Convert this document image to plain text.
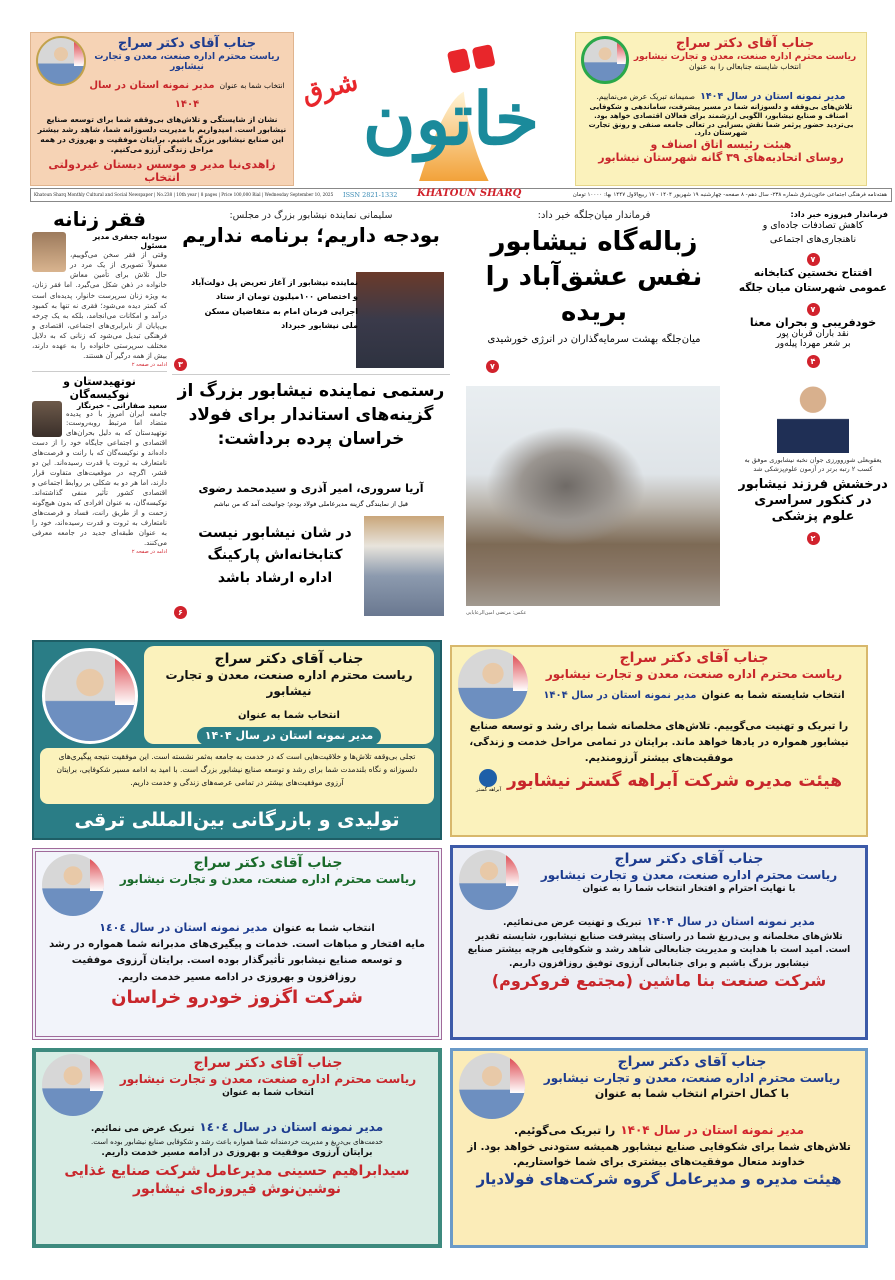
جناب آقای دکتر سراج
ریاست محترم اداره صنعت، معدن و تجارت نیشابور
انتخاب شما به عنوان مدیر نمونه استان در سال ۱۴۰۴
نشان از شایستگی و تلاش‌های بی‌وقفه شما برای توسعه صنایع نیشابور است. امیدواریم با مدیریت دلسوزانه شما، شاهد رشد بیشتر این صنایع نیشابور بزرگ باشیم. برایتان موفقیت و بهروزی در همه مراحل زندگی آرزو می‌کنیم.
زاهدی‌نیا مدیر و موسس دبستان غیردولتی انتخاب
خاتون
شرق
جناب آقای دکتر سراج
ریاست محترم اداره صنعت، معدن و تجارت نیشابور
انتخاب شایسته جنابعالی را به عنوان
مدیر نمونه استان در سال ۱۴۰۴ صمیمانه تبریک عرض می‌نماییم.
تلاش‌های بی‌وقفه و دلسوزانه شما در مسیر پیشرفت، ساماندهی و شکوفایی اصناف و صنایع نیشابور، الگویی ارزشمند برای فعالان اقتصادی خواهد بود. بی‌تردید حضور پرثمر شما نقش بسزایی در تعالی جامعه صنفی و رونق تجارت شهرستان دارد.
هیئت رئیسه اتاق اصناف و
روسای اتحادیه‌های ۳۹ گانه شهرستان نیشابور
هفته‌نامه فرهنگی اجتماعی خاتون‌شرق شماره ۲۳۸- سال دهم- ۸ صفحه- چهارشنبه ۱۹ شهریور ۱۴۰۴ - ۱۷ ربیع‌الاول ۱۴۴۷ بها: ۱۰۰۰۰ تومان
KHATOUN SHARQ
ISSN 2821-1332
Khatoun Sharq Monthly Cultural and Social Newspaper | No.238 | 10th year | 8 pages | Price 100,000 Rial | Wednesday September 10, 2025
فقر زنانه
سودابه جعفری مدیر مسئول
وقتی از فقر سخن می‌گوییم، معمولاً تصویری از یک مرد در حال تلاش برای تأمین معاش خانواده در ذهن شکل می‌گیرد. اما فقر زنان، به ویژه زنان سرپرست خانوار، پدیده‌ای است که کمتر دیده می‌شود؛ فقری نه تنها به کمبود درآمد و امکانات می‌انجامد، بلکه به یک چرخه بی‌پایان از نابرابری‌های اجتماعی، اقتصادی و فرهنگی تبدیل می‌شود که زنانی که به دلایل مختلف سرپرستی خانواده را به عهده دارند، بیش از همه درگیر آن هستند.
ادامه در صفحه ۲
نوتهیدستان و نوکیسه‌گان
سعید صفارانی - خبرنگار
جامعه ایران امروز با دو پدیده متضاد اما مرتبط روبه‌روست: نوتهیدستان که به دلیل بحران‌های اقتصادی و اجتماعی جایگاه خود را از دست داده‌اند و نوکیسه‌گان که با رانت و فرصت‌های نامتعارف به ثروت یا قدرت رسیده‌اند. این دو قشر، اگرچه در موقعیت‌های متفاوت قرار دارند، اما هر دو به شکلی بر روابط اجتماعی و اقتصادی کشور تأثیر منفی گذاشته‌اند. نوکیسه‌گان، به عنوان افرادی که بدون هیچ‌گونه زحمت و از طریق رانت، فساد و فرصت‌های نامتعارف به ثروت و قدرت رسیده‌اند، خود را به عنوان طبقه‌ای جدید در جامعه معرفی می‌کنند.
ادامه در صفحه ۲
سلیمانی نماینده نیشابور بزرگ در مجلس:
بودجه داریم؛ برنامه نداریم
نماینده نیشابور از آغاز تعریض پل دولت‌آباد و اختصاص ۱۰۰میلیون تومان از ستاد اجرایی فرمان امام به متقاضیان مسکن ملی نیشابور خبرداد
۳
رستمی نماینده نیشابور بزرگ از گزینه‌های استاندار برای فولاد خراسان پرده برداشت:
آریا سروری، امیر آذری و سیدمحمد رضوی
قبل از نمایندگی گزینه مدیرعاملی فولاد بودم؛ جوانبخت آمد که من نباشم
در شان نیشابور نیست کتابخانه‌اش پارکینگ اداره ارشاد باشد
۶
فرماندار میان‌جلگه خبر داد:
زباله‌گاه نیشابور نفس عشق‌آباد را بریده
میان‌جلگه بهشت سرمایه‌گذاران در انرژی خورشیدی
۷
عکس: مرتضی امین‌الرعایایی
فرماندار فیروزه خبر داد:
کاهش تصادفات جاده‌ای و ناهنجاری‌های اجتماعی
۷
افتتاح نخستین کتابخانه عمومی شهرستان میان جلگه
۷
خودفریبی و بحران معنا
نقد باران قربان پور
بر شعر مهردا پیله‌ور
۴
یعقوبعلی شوروورزی جوان نخبه نیشابوری موفق به کسب ۲ رتبه برتر در آزمون علوم‌پزشکی شد
درخشش فرزند نیشابور در کنکور سراسری علوم پزشکی
۲
جناب آقای دکتر سراج
ریاست محترم اداره صنعت، معدن و تجارت نیشابور
انتخاب شما به عنوان مدیر نمونه استان در سال ۱۴۰۴
تجلی بی‌وقفه تلاش‌ها و خلاقیت‌هایی است که در خدمت به جامعه به‌ثمر نشسته است. این موفقیت نتیجه پیگیری‌های دلسوزانه و نگاه بلندمدت شما برای رشد و توسعه صنایع نیشابور بزرگ است. با امید به ادامه مسیر شکوفایی، برایتان آرزوی موفقیت‌های بیشتر در تمامی عرصه‌های زندگی و خدمت داریم.
تولیدی و بازرگانی بین‌المللی ترقی
جناب آقای دکتر سراج
ریاست محترم اداره صنعت، معدن و تجارت نیشابور
انتخاب شایسته شما به عنوان مدیر نمونه استان در سال ۱۴۰۴
را تبریک و تهنیت می‌گوییم. تلاش‌های مخلصانه شما برای رشد و توسعه صنایع نیشابور همواره در یادها خواهد ماند. برایتان در تمامی مراحل خدمت و زندگی، موفقیت‌های بیشتر آرزومندیم.
آبراهه گستر هیئت مدیره شرکت آبراهه گستر نیشابور
جناب آقای دکتر سراج
ریاست محترم اداره صنعت، معدن و تجارت نیشابور
انتخاب شما به عنوان مدیر نمونه استان در سال ۱٤۰٤
مایه افتخار و مباهات است. خدمات و پیگیری‌های مدبرانه شما همواره در رشد و توسعه صنایع نیشابور تأثیرگذار بوده است. برایتان آرزوی موفقیت روزافزون و بهروزی در ادامه مسیر خدمت داریم.
شرکت اگزوز خودرو خراسان
جناب آقای دکتر سراج
ریاست محترم اداره صنعت، معدن و تجارت نیشابور
با نهایت احترام و افتخار انتخاب شما را به عنوان
مدیر نمونه استان در سال ۱۴۰۴ تبریک و تهنیت عرض می‌نمائیم.
تلاش‌های مخلصانه و بی‌دریغ شما در راستای پیشرفت صنایع نیشابور، شایسته تقدیر است. امید است با هدایت و مدیریت جنابعالی شاهد رشد و شکوفایی هرچه بیشتر صنایع نیشابور بزرگ باشیم و برای جنابعالی آرزوی توفیق روزافزون داریم.
شرکت صنعت بنا ماشین (مجتمع فروکروم)
جناب آقای دکتر سراج
ریاست محترم اداره صنعت، معدن و تجارت نیشابور
انتخاب شما به عنوان
مدیر نمونه استان در سال ۱٤۰٤ تبریک عرض می نمائیم.
خدمت‌های بی‌دریغ و مدیریت خردمندانه شما همواره باعث رشد و شکوفایی صنایع نیشابور بوده است.
برایتان آرزوی موفقیت و بهروزی در ادامه مسیر خدمت داریم.
سیدابراهیم حسینی مدیرعامل شرکت صنایع غذایی
نوشین‌نوش فیروزه‌ای نیشابور
جناب آقای دکتر سراج
ریاست محترم اداره صنعت، معدن و تجارت نیشابور
با کمال احترام انتخاب شما به عنوان
مدیر نمونه استان در سال ۱۴۰۴ را تبریک می‌گوئیم.
تلاش‌های شما برای شکوفایی صنایع نیشابور همیشه ستودنی خواهد بود. از خداوند متعال موفقیت‌های بیشتری برای شما خواستاریم.
هیئت مدیره و مدیرعامل گروه شرکت‌های فولادیار
